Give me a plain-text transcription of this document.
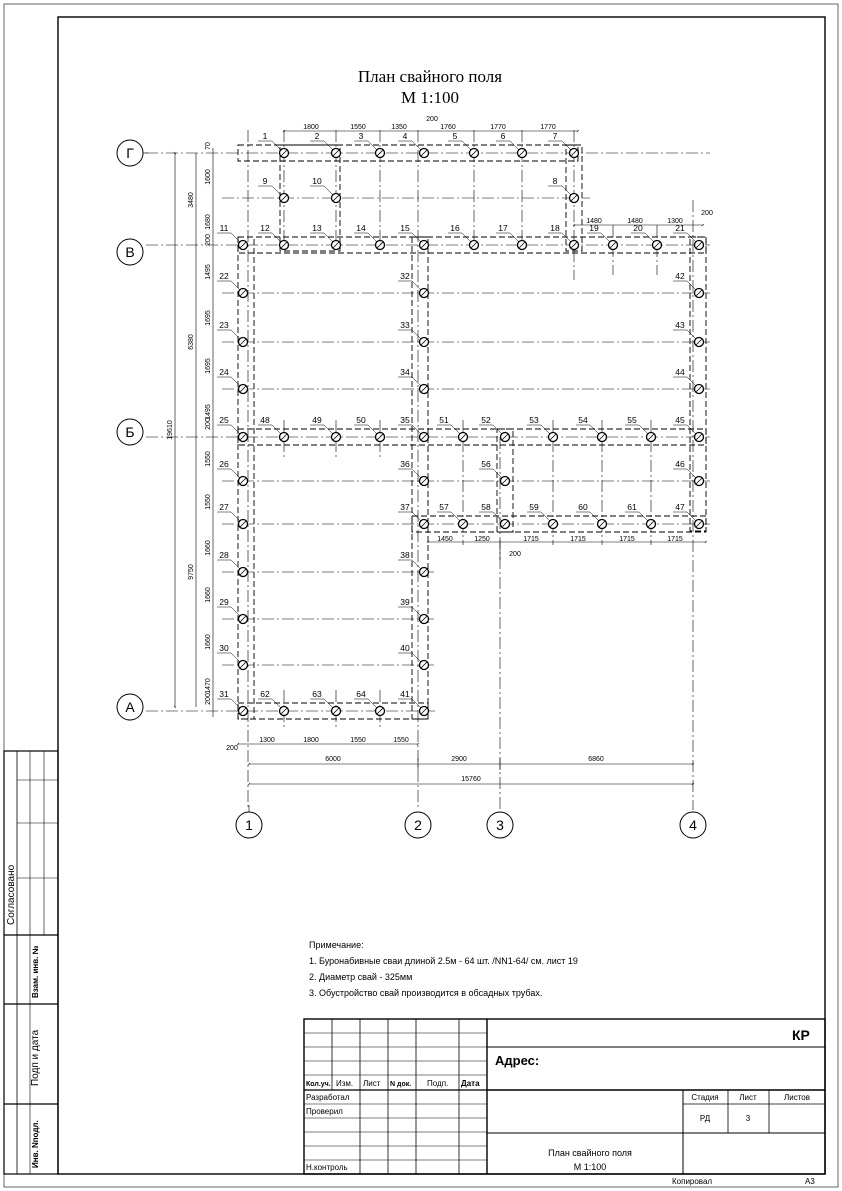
План свайного поля
М 1:100
Г
В
Б
А
1	2	3	4
1	2	3	4	5	6	7
8
9	10
11	12	13	14	15	16	17	18	19	20	21
22
23
24
25
26
27
28
29
30
31
32
33
34
35
36
37
38
39
40
41
42
43
44
45
46
47
48	49	50	51	52	53	54	55
56
57	58	59	60	61
62	63	64
1800	1550	1350
200
1760	1770	1770
1480	1480	1300
200
1450	1250
200
1715	1715	1715	1715
200
1300	1800	1550	1550
6000	2900	6860
15760
70
1600
1680
200
1495
1695
1695
1495
200
1550
1550
1660
1660
1660
1470
200
3480
6380
9750
19610
Примечание:
1. Буронабивные сваи длиной 2.5м - 64 шт. /NN1-64/ см. лист 19
2. Диаметр свай - 325мм
3. Обустройство свай производится в обсадных трубах.
КР
Адрес:
Кол.уч. Изм. Лист N док. Подп. Дата
Разработал
Проверил
Н.контроль
Стадия	Лист	Листов
РД	3
План свайного поля
М 1:100
Копировал	А3
Согласовано
Взам. инв. №
Подп и дата
Инв. Nподл.
